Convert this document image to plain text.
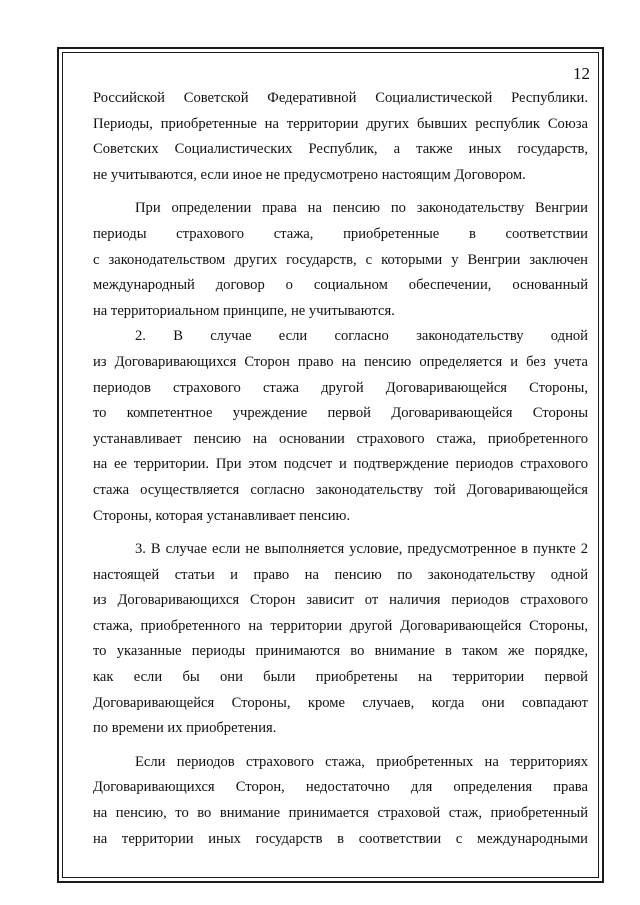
12

Российской Советской Федеративной Социалистической Республики.

Периоды, приобретенные на территории других бывших республик Союза

Советских Социалистических Республик, а также иных государств,

не учитываются, если иное не предусмотрено настоящим Договором.

При определении права на пенсию по законодательству Венгрии

периоды страхового стажа, приобретенные в соответствии

с законодательством других государств, с которыми у Венгрии заключен

международный договор о социальном обеспечении, основанный

на территориальном принципе, не учитываются.

2. В случае если согласно законодательству одной

из Договаривающихся Сторон право на пенсию определяется и без учета

периодов страхового стажа другой Договаривающейся Стороны,

то компетентное учреждение первой Договаривающейся Стороны

устанавливает пенсию на основании страхового стажа, приобретенного

на ее территории. При этом подсчет и подтверждение периодов страхового

стажа осуществляется согласно законодательству той Договаривающейся

Стороны, которая устанавливает пенсию.

3. В случае если не выполняется условие, предусмотренное в пункте 2

настоящей статьи и право на пенсию по законодательству одной

из Договаривающихся Сторон зависит от наличия периодов страхового

стажа, приобретенного на территории другой Договаривающейся Стороны,

то указанные периоды принимаются во внимание в таком же порядке,

как если бы они были приобретены на территории первой

Договаривающейся Стороны, кроме случаев, когда они совпадают

по времени их приобретения.

Если периодов страхового стажа, приобретенных на территориях

Договаривающихся Сторон, недостаточно для определения права

на пенсию, то во внимание принимается страховой стаж, приобретенный

на территории иных государств в соответствии с международными
